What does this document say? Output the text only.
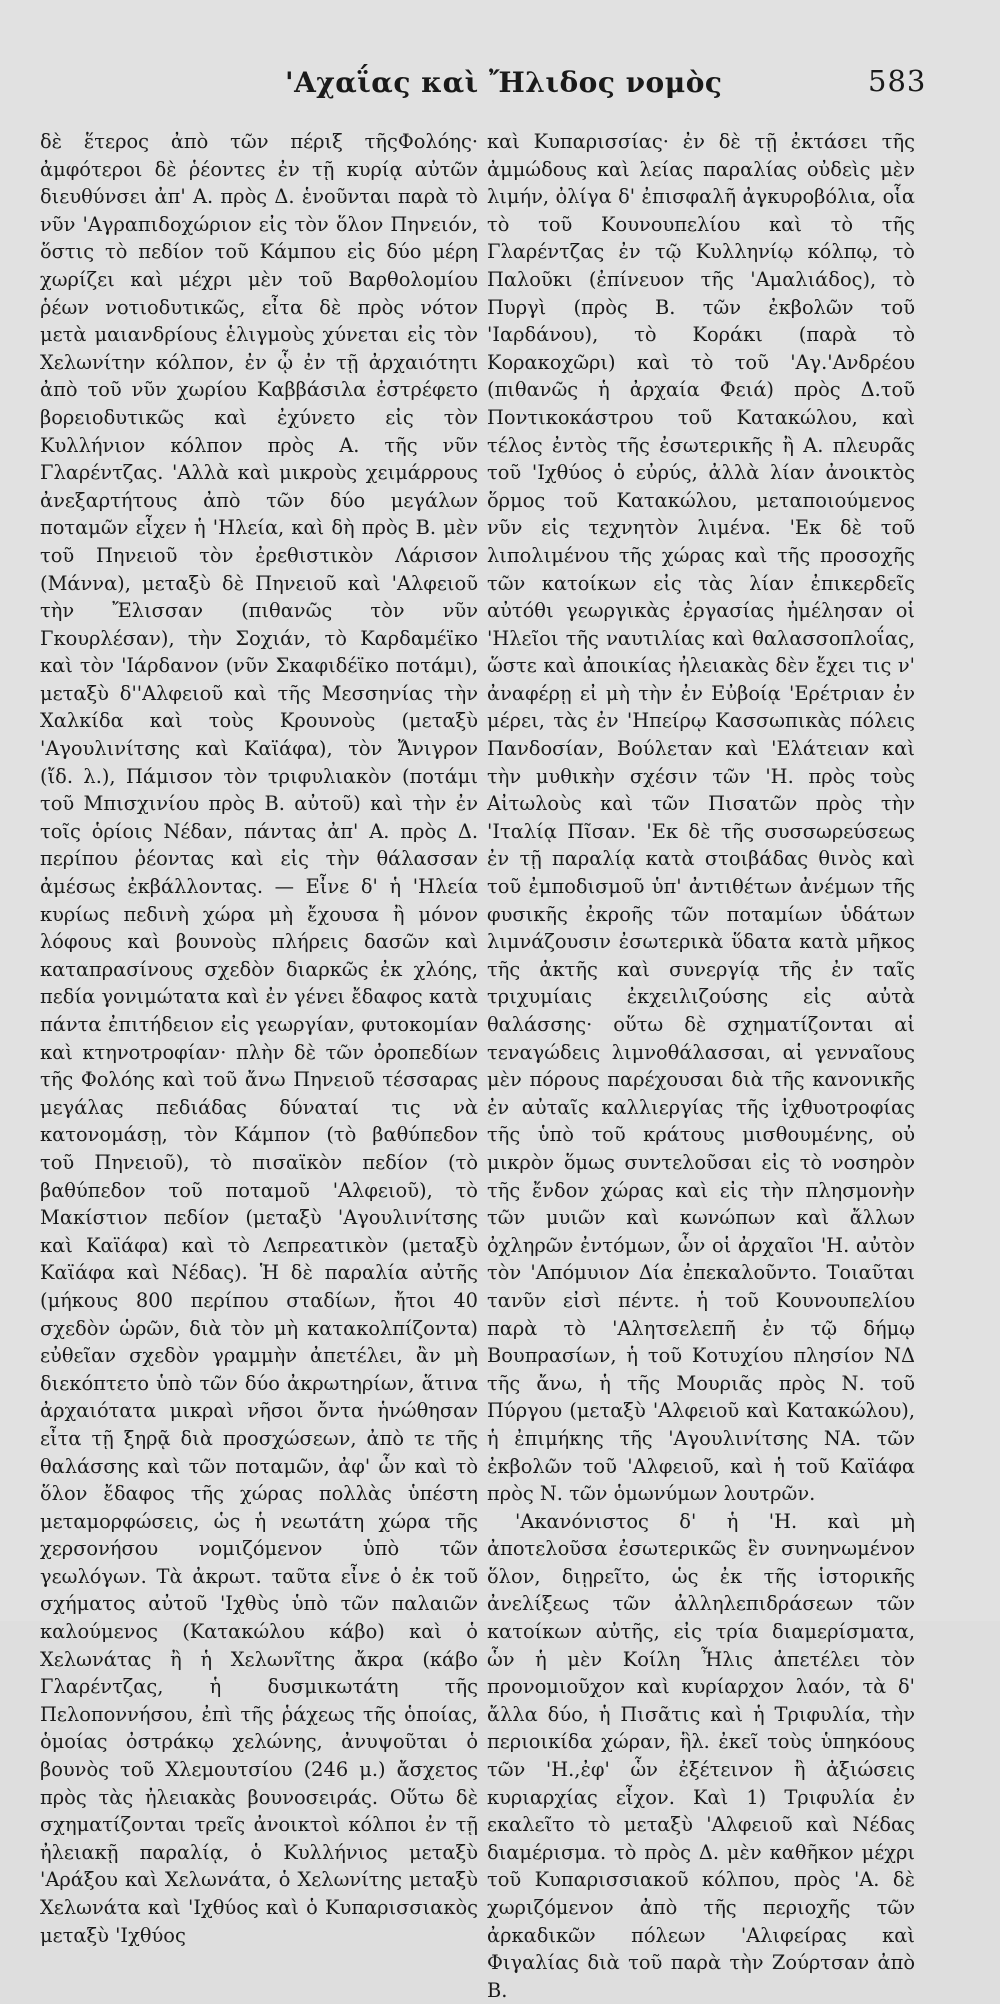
'Αχαΐας καὶ Ἤλιδος νομὸς	583

δὲ ἕτερος ἀπὸ τῶν πέριξ τῆςΦολόης· ἀμφότεροι δὲ ῥέοντες ἐν τῇ κυρίᾳ αὐτῶν διευθύνσει ἀπ' Α. πρὸς Δ. ἑνοῦνται παρὰ τὸ νῦν 'Αγραπιδοχώριον εἰς τὸν ὅλον Πηνειόν, ὅστις τὸ πεδίον τοῦ Κάμπου εἰς δύο μέρη χωρίζει καὶ μέχρι μὲν τοῦ Βαρθολομίου ῥέων νοτιοδυτικῶς, εἶτα δὲ πρὸς νότον μετὰ μαιανδρίους ἑλιγμοὺς χύνεται εἰς τὸν Χελωνίτην κόλπον, ἐν ᾧ ἐν τῇ ἀρχαιότητι ἀπὸ τοῦ νῦν χωρίου Καββάσιλα ἐστρέφετο βορειοδυτικῶς καὶ ἐχύνετο εἰς τὸν Κυλλήνιον κόλπον πρὸς Α. τῆς νῦν Γλαρέντζας. 'Αλλὰ καὶ μικροὺς χειμάρρους ἀνεξαρτήτους ἀπὸ τῶν δύο μεγάλων ποταμῶν εἶχεν ἡ 'Ηλεία, καὶ δὴ πρὸς Β. μὲν τοῦ Πηνειοῦ τὸν ἐρεθιστικὸν Λάρισον (Μάννα), μεταξὺ δὲ Πηνειοῦ καὶ 'Αλφειοῦ τὴν Ἔλισσαν (πιθανῶς τὸν νῦν Γκουρλέσαν), τὴν Σοχιάν, τὸ Καρδαμέϊκο καὶ τὸν 'Ιάρδανον (νῦν Σκαφιδέϊκο ποτάμι), μεταξὺ δ''Αλφειοῦ καὶ τῆς Μεσσηνίας τὴν Χαλκίδα καὶ τοὺς Κρουνοὺς (μεταξὺ 'Αγουλινίτσης καὶ Καϊάφα), τὸν Ἄνιγρον (ἴδ. λ.), Πάμισον τὸν τριφυλιακὸν (ποτάμι τοῦ Μπισχινίου πρὸς Β. αὐτοῦ) καὶ τὴν ἐν τοῖς ὁρίοις Νέδαν, πάντας ἀπ' Α. πρὸς Δ. περίπου ῥέοντας καὶ εἰς τὴν θάλασσαν ἀμέσως ἐκβάλλοντας. — Εἶνε δ' ἡ 'Ηλεία κυρίως πεδινὴ χώρα μὴ ἔχουσα ἢ μόνον λόφους καὶ βουνοὺς πλήρεις δασῶν καὶ καταπρασίνους σχεδὸν διαρκῶς ἐκ χλόης, πεδία γονιμώτατα καὶ ἐν γένει ἔδαφος κατὰ πάντα ἐπιτήδειον εἰς γεωργίαν, φυτοκομίαν καὶ κτηνοτροφίαν· πλὴν δὲ τῶν ὀροπεδίων τῆς Φολόης καὶ τοῦ ἄνω Πηνειοῦ τέσσαρας μεγάλας πεδιάδας δύναταί τις νὰ κατονομάσῃ, τὸν Κάμπον (τὸ βαθύπεδον τοῦ Πηνειοῦ), τὸ πισαϊκὸν πεδίον (τὸ βαθύπεδον τοῦ ποταμοῦ 'Αλφειοῦ), τὸ Μακίστιον πεδίον (μεταξὺ 'Αγουλινίτσης καὶ Καϊάφα) καὶ τὸ Λεπρεατικὸν (μεταξὺ Καϊάφα καὶ Νέδας). Ἡ δὲ παραλία αὐτῆς (μήκους 800 περίπου σταδίων, ἤτοι 40 σχεδὸν ὡρῶν, διὰ τὸν μὴ κατακολπίζοντα) εὐθεῖαν σχεδὸν γραμμὴν ἀπετέλει, ἂν μὴ διεκόπτετο ὑπὸ τῶν δύο ἀκρωτηρίων, ἅτινα ἀρχαιότατα μικραὶ νῆσοι ὄντα ἡνώθησαν εἶτα τῇ ξηρᾷ διὰ προσχώσεων, ἀπὸ τε τῆς θαλάσσης καὶ τῶν ποταμῶν, ἀφ' ὧν καὶ τὸ ὅλον ἔδαφος τῆς χώρας πολλὰς ὑπέστη μεταμορφώσεις, ὡς ἡ νεωτάτη χώρα τῆς χερσονήσου νομιζόμενον ὑπὸ τῶν γεωλόγων. Τὰ ἀκρωτ. ταῦτα εἶνε ὁ ἐκ τοῦ σχήματος αὐτοῦ 'Ιχθὺς ὑπὸ τῶν παλαιῶν καλούμενος (Κατακώλου κάβο) καὶ ὁ Χελωνάτας ἢ ἡ Χελωνῖτης ἄκρα (κάβο Γλαρέντζας, ἡ δυσμικωτάτη τῆς Πελοποννήσου, ἐπὶ τῆς ῥάχεως τῆς ὁποίας, ὁμοίας ὀστράκῳ χελώνης, ἀνυψοῦται ὁ βουνὸς τοῦ Χλεμουτσίου (246 μ.) ἄσχετος πρὸς τὰς ἠλειακὰς βουνοσειράς. Οὕτω δὲ σχηματίζονται τρεῖς ἀνοικτοὶ κόλποι ἐν τῇ ἠλειακῇ παραλίᾳ, ὁ Κυλλήνιος μεταξὺ 'Αράξου καὶ Χελωνάτα, ὁ Χελωνίτης μεταξὺ Χελωνάτα καὶ 'Ιχθύος καὶ ὁ Κυπαρισσιακὸς μεταξὺ 'Ιχθύος

καὶ Κυπαρισσίας· ἐν δὲ τῇ ἐκτάσει τῆς ἀμμώδους καὶ λείας παραλίας οὐδεὶς μὲν λιμήν, ὀλίγα δ' ἐπισφαλῆ ἀγκυροβόλια, οἷα τὸ τοῦ Κουνουπελίου καὶ τὸ τῆς Γλαρέντζας ἐν τῷ Κυλληνίῳ κόλπῳ, τὸ Παλοῦκι (ἐπίνευον τῆς 'Αμαλιάδος), τὸ Πυργὶ (πρὸς Β. τῶν ἐκβολῶν τοῦ 'Ιαρδάνου), τὸ Κοράκι (παρὰ τὸ Κορακοχῶρι) καὶ τὸ τοῦ 'Αγ.'Ανδρέου (πιθανῶς ἡ ἀρχαία Φειά) πρὸς Δ.τοῦ Ποντικοκάστρου τοῦ Κατακώλου, καὶ τέλος ἐντὸς τῆς ἐσωτερικῆς ἢ Α. πλευρᾶς τοῦ 'Ιχθύος ὁ εὐρύς, ἀλλὰ λίαν ἀνοικτὸς ὅρμος τοῦ Κατακώλου, μεταποιούμενος νῦν εἰς τεχνητὸν λιμένα. 'Εκ δὲ τοῦ λιπολιμένου τῆς χώρας καὶ τῆς προσοχῆς τῶν κατοίκων εἰς τὰς λίαν ἐπικερδεῖς αὐτόθι γεωργικὰς ἐργασίας ἠμέλησαν οἱ 'Ηλεῖοι τῆς ναυτιλίας καὶ θαλασσοπλοΐας, ὥστε καὶ ἀποικίας ἠλειακὰς δὲν ἔχει τις ν' ἀναφέρῃ εἰ μὴ τὴν ἐν Εὐβοίᾳ 'Ερέτριαν ἐν μέρει, τὰς ἐν 'Ηπείρῳ Κασσωπικὰς πόλεις Πανδοσίαν, Βούλεταν καὶ 'Ελάτειαν καὶ τὴν μυθικὴν σχέσιν τῶν 'Η. πρὸς τοὺς Αἰτωλοὺς καὶ τῶν Πισατῶν πρὸς τὴν 'Ιταλίᾳ Πῖσαν. 'Εκ δὲ τῆς συσσωρεύσεως ἐν τῇ παραλίᾳ κατὰ στοιβάδας θινὸς καὶ τοῦ ἐμποδισμοῦ ὑπ' ἀντιθέτων ἀνέμων τῆς φυσικῆς ἐκροῆς τῶν ποταμίων ὑδάτων λιμνάζουσιν ἐσωτερικὰ ὕδατα κατὰ μῆκος τῆς ἀκτῆς καὶ συνεργίᾳ τῆς ἐν ταῖς τριχυμίαις ἐκχειλιζούσης εἰς αὐτὰ θαλάσσης· οὕτω δὲ σχηματίζονται αἱ τεναγώδεις λιμνοθάλασσαι, αἱ γενναῖους μὲν πόρους παρέχουσαι διὰ τῆς κανονικῆς ἐν αὐταῖς καλλιεργίας τῆς ἰχθυοτροφίας τῆς ὑπὸ τοῦ κράτους μισθουμένης, οὐ μικρὸν ὅμως συντελοῦσαι εἰς τὸ νοσηρὸν τῆς ἔνδον χώρας καὶ εἰς τὴν πλησμονὴν τῶν μυιῶν καὶ κωνώπων καὶ ἄλλων ὀχληρῶν ἐντόμων, ὧν οἱ ἀρχαῖοι 'Η. αὐτὸν τὸν 'Απόμυιον Δία ἐπεκαλοῦντο. Τοιαῦται τανῦν εἰσὶ πέντε. ἡ τοῦ Κουνουπελίου παρὰ τὸ 'Αλητσελεπῆ ἐν τῷ δήμῳ Βουπρασίων, ἡ τοῦ Κοτυχίου πλησίον ΝΔ τῆς ἄνω, ἡ τῆς Μουριᾶς πρὸς Ν. τοῦ Πύργου (μεταξὺ 'Αλφειοῦ καὶ Κατακώλου), ἡ ἐπιμήκης τῆς 'Αγουλινίτσης ΝΑ. τῶν ἐκβολῶν τοῦ 'Αλφειοῦ, καὶ ἡ τοῦ Καϊάφα πρὸς Ν. τῶν ὁμωνύμων λουτρῶν.

'Ακανόνιστος δ' ἡ 'Η. καὶ μὴ ἀποτελοῦσα ἐσωτερικῶς ἓν συνηνωμένον ὅλον, διῃρεῖτο, ὡς ἐκ τῆς ἱστορικῆς ἀνελίξεως τῶν ἀλληλεπιδράσεων τῶν κατοίκων αὐτῆς, εἰς τρία διαμερίσματα, ὧν ἡ μὲν Κοίλη Ἦλις ἀπετέλει τὸν προνομιοῦχον καὶ κυρίαρχον λαόν, τὰ δ' ἄλλα δύο, ἡ Πισᾶτις καὶ ἡ Τριφυλία, τὴν περιοικίδα χώραν, ἣλ. ἐκεῖ τοὺς ὑπηκόους τῶν 'Η.,ἐφ' ὧν ἐξέτεινον ἢ ἀξιώσεις κυριαρχίας εἶχον. Καὶ 1) Τριφυλία ἐν εκαλεῖτο τὸ μεταξὺ 'Αλφειοῦ καὶ Νέδας διαμέρισμα. τὸ πρὸς Δ. μὲν καθῆκον μέχρι τοῦ Κυπαρισσιακοῦ κόλπου, πρὸς 'Α. δὲ χωριζόμενον ἀπὸ τῆς περιοχῆς τῶν ἀρκαδικῶν πόλεων 'Αλιφείρας καὶ Φιγαλίας διὰ τοῦ παρὰ τὴν Ζούρτσαν ἀπὸ Β.
